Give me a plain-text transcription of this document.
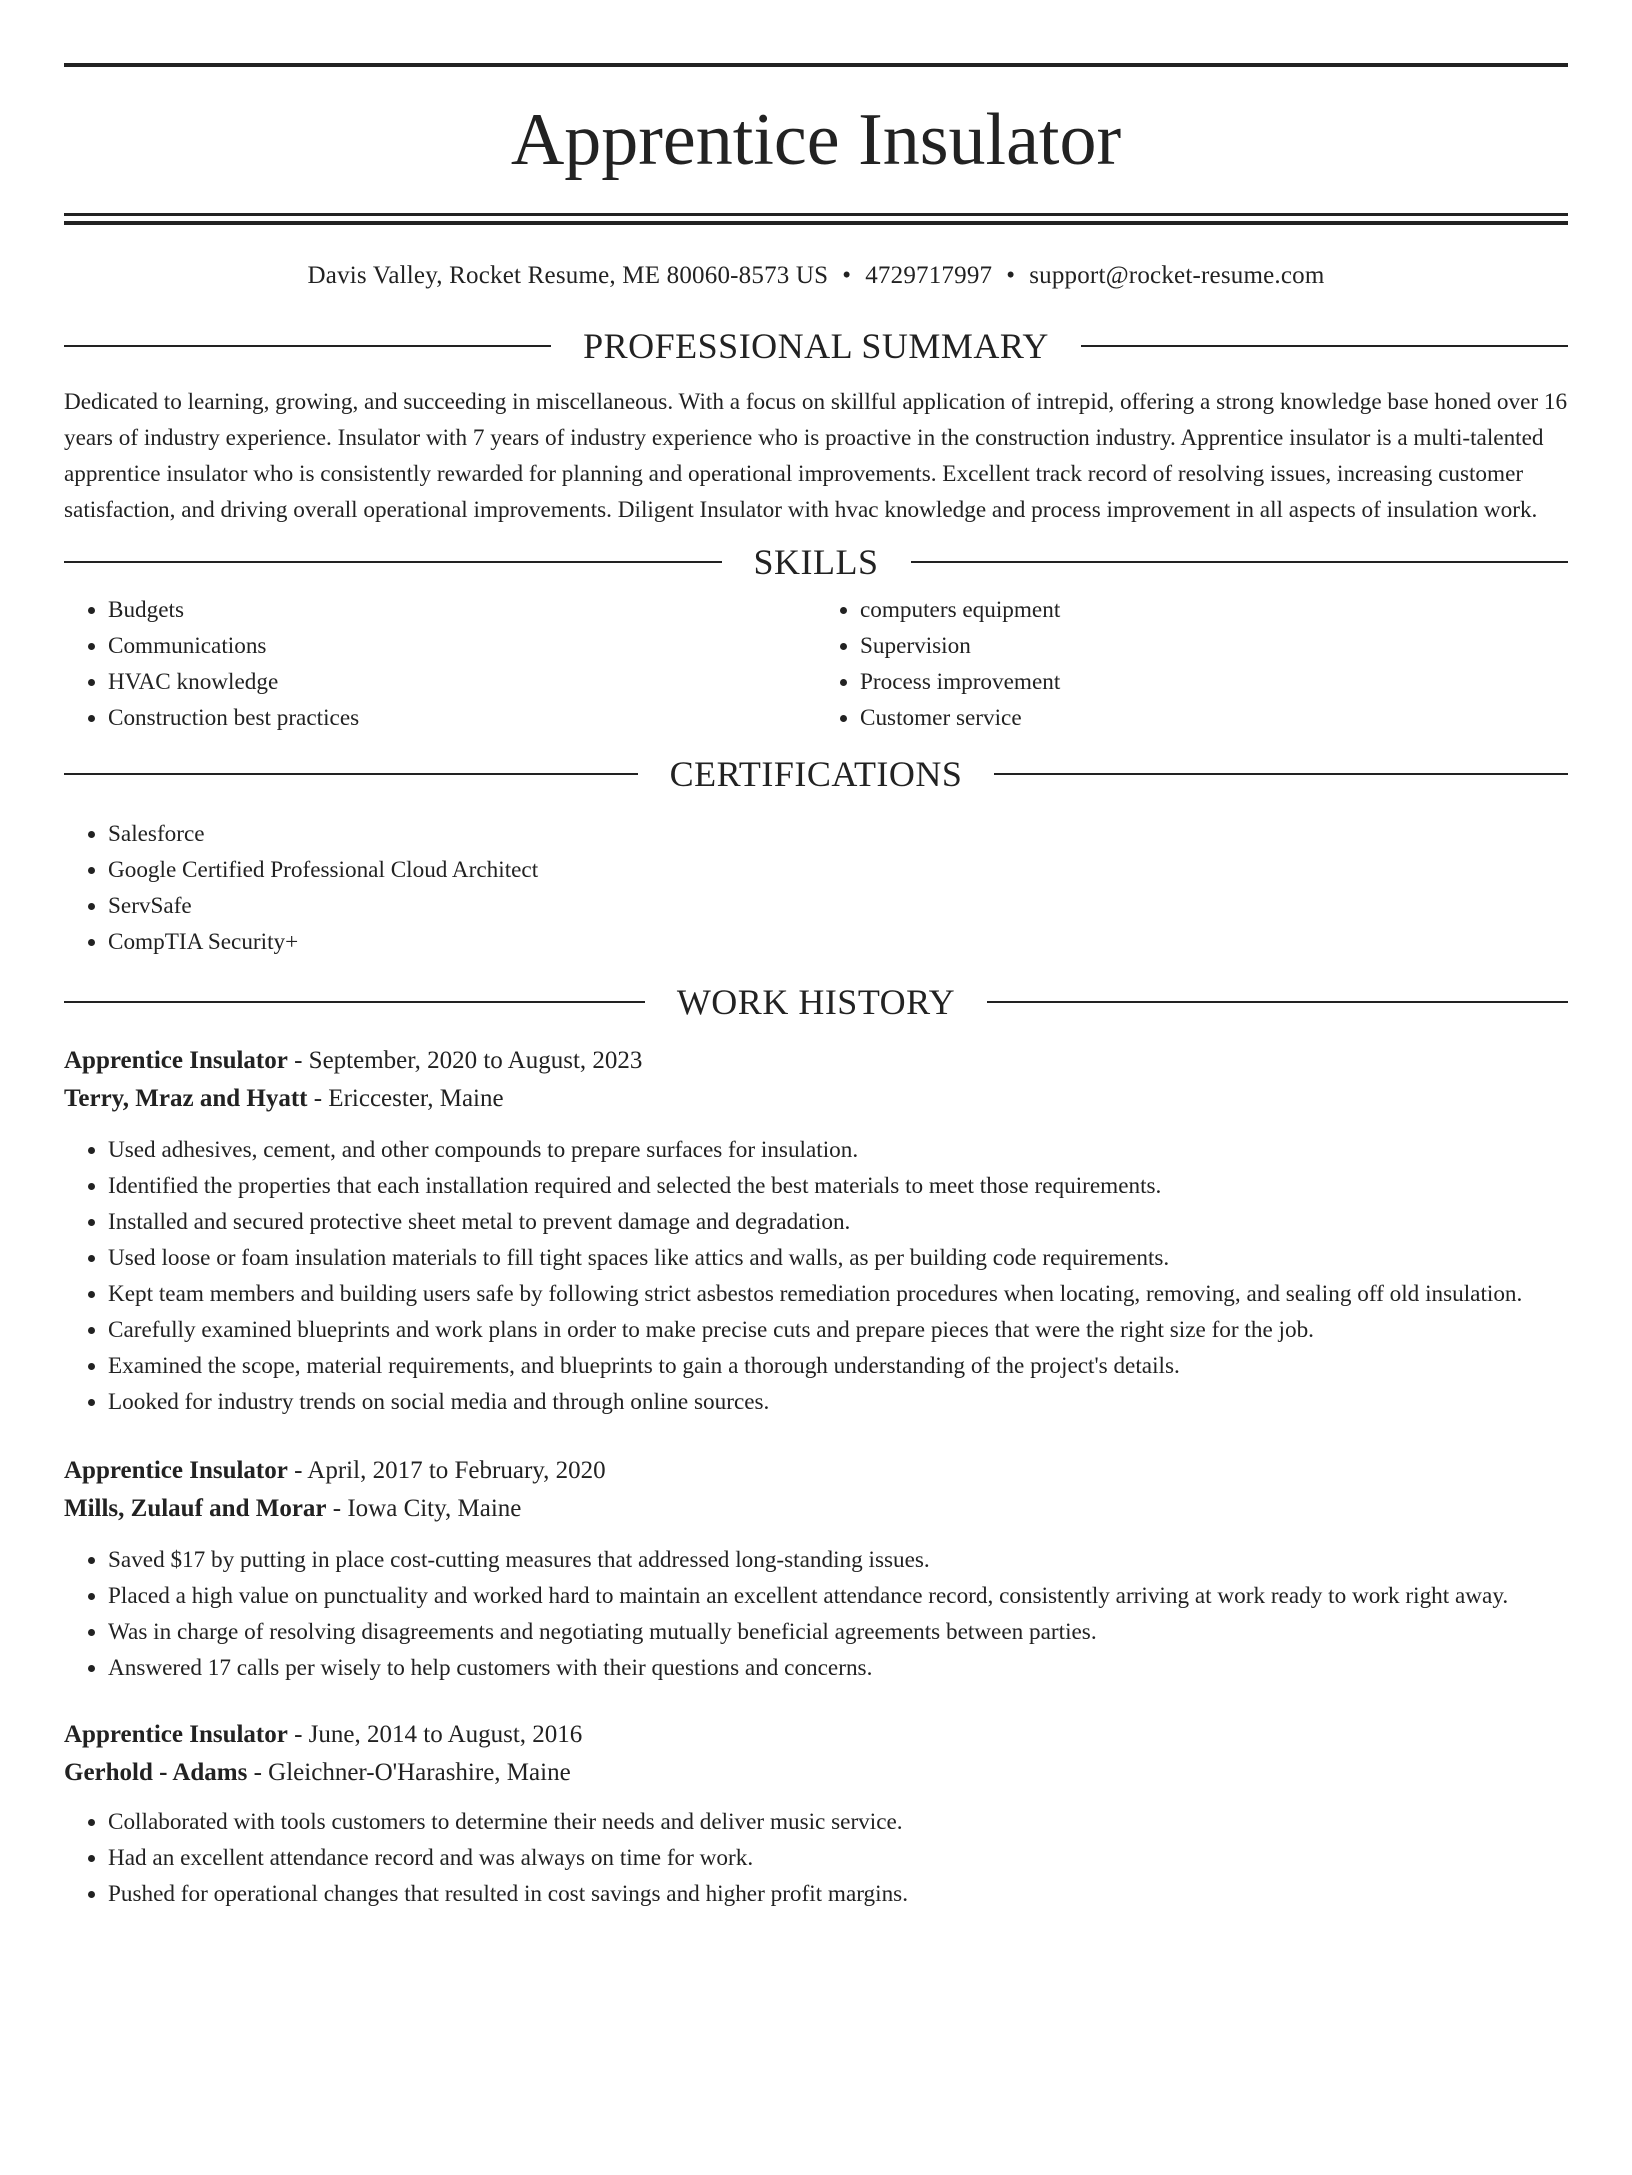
Apprentice Insulator
Davis Valley, Rocket Resume, ME 80060-8573 US • 4729717997 • support@rocket-resume.com
PROFESSIONAL SUMMARY

Dedicated to learning, growing, and succeeding in miscellaneous. With a focus on skillful application of intrepid, offering a strong knowledge base honed over 16 years of industry experience. Insulator with 7 years of industry experience who is proactive in the construction industry. Apprentice insulator is a multi-talented apprentice insulator who is consistently rewarded for planning and operational improvements. Excellent track record of resolving issues, increasing customer satisfaction, and driving overall operational improvements. Diligent Insulator with hvac knowledge and process improvement in all aspects of insulation work.

SKILLS
• Budgets
• Communications
• HVAC knowledge
• Construction best practices
• computers equipment
• Supervision
• Process improvement
• Customer service
CERTIFICATIONS
• Salesforce
• Google Certified Professional Cloud Architect
• ServSafe
• CompTIA Security+
WORK HISTORY

Apprentice Insulator - September, 2020 to August, 2023

Terry, Mraz and Hyatt - Ericcester, Maine

• Used adhesives, cement, and other compounds to prepare surfaces for insulation.
• Identified the properties that each installation required and selected the best materials to meet those requirements.
• Installed and secured protective sheet metal to prevent damage and degradation.
• Used loose or foam insulation materials to fill tight spaces like attics and walls, as per building code requirements.
• Kept team members and building users safe by following strict asbestos remediation procedures when locating, removing, and sealing off old insulation.
• Carefully examined blueprints and work plans in order to make precise cuts and prepare pieces that were the right size for the job.
• Examined the scope, material requirements, and blueprints to gain a thorough understanding of the project's details.
• Looked for industry trends on social media and through online sources.

Apprentice Insulator - April, 2017 to February, 2020

Mills, Zulauf and Morar - Iowa City, Maine

• Saved $17 by putting in place cost-cutting measures that addressed long-standing issues.
• Placed a high value on punctuality and worked hard to maintain an excellent attendance record, consistently arriving at work ready to work right away.
• Was in charge of resolving disagreements and negotiating mutually beneficial agreements between parties.
• Answered 17 calls per wisely to help customers with their questions and concerns.

Apprentice Insulator - June, 2014 to August, 2016

Gerhold - Adams - Gleichner-O'Harashire, Maine

• Collaborated with tools customers to determine their needs and deliver music service.
• Had an excellent attendance record and was always on time for work.
• Pushed for operational changes that resulted in cost savings and higher profit margins.
